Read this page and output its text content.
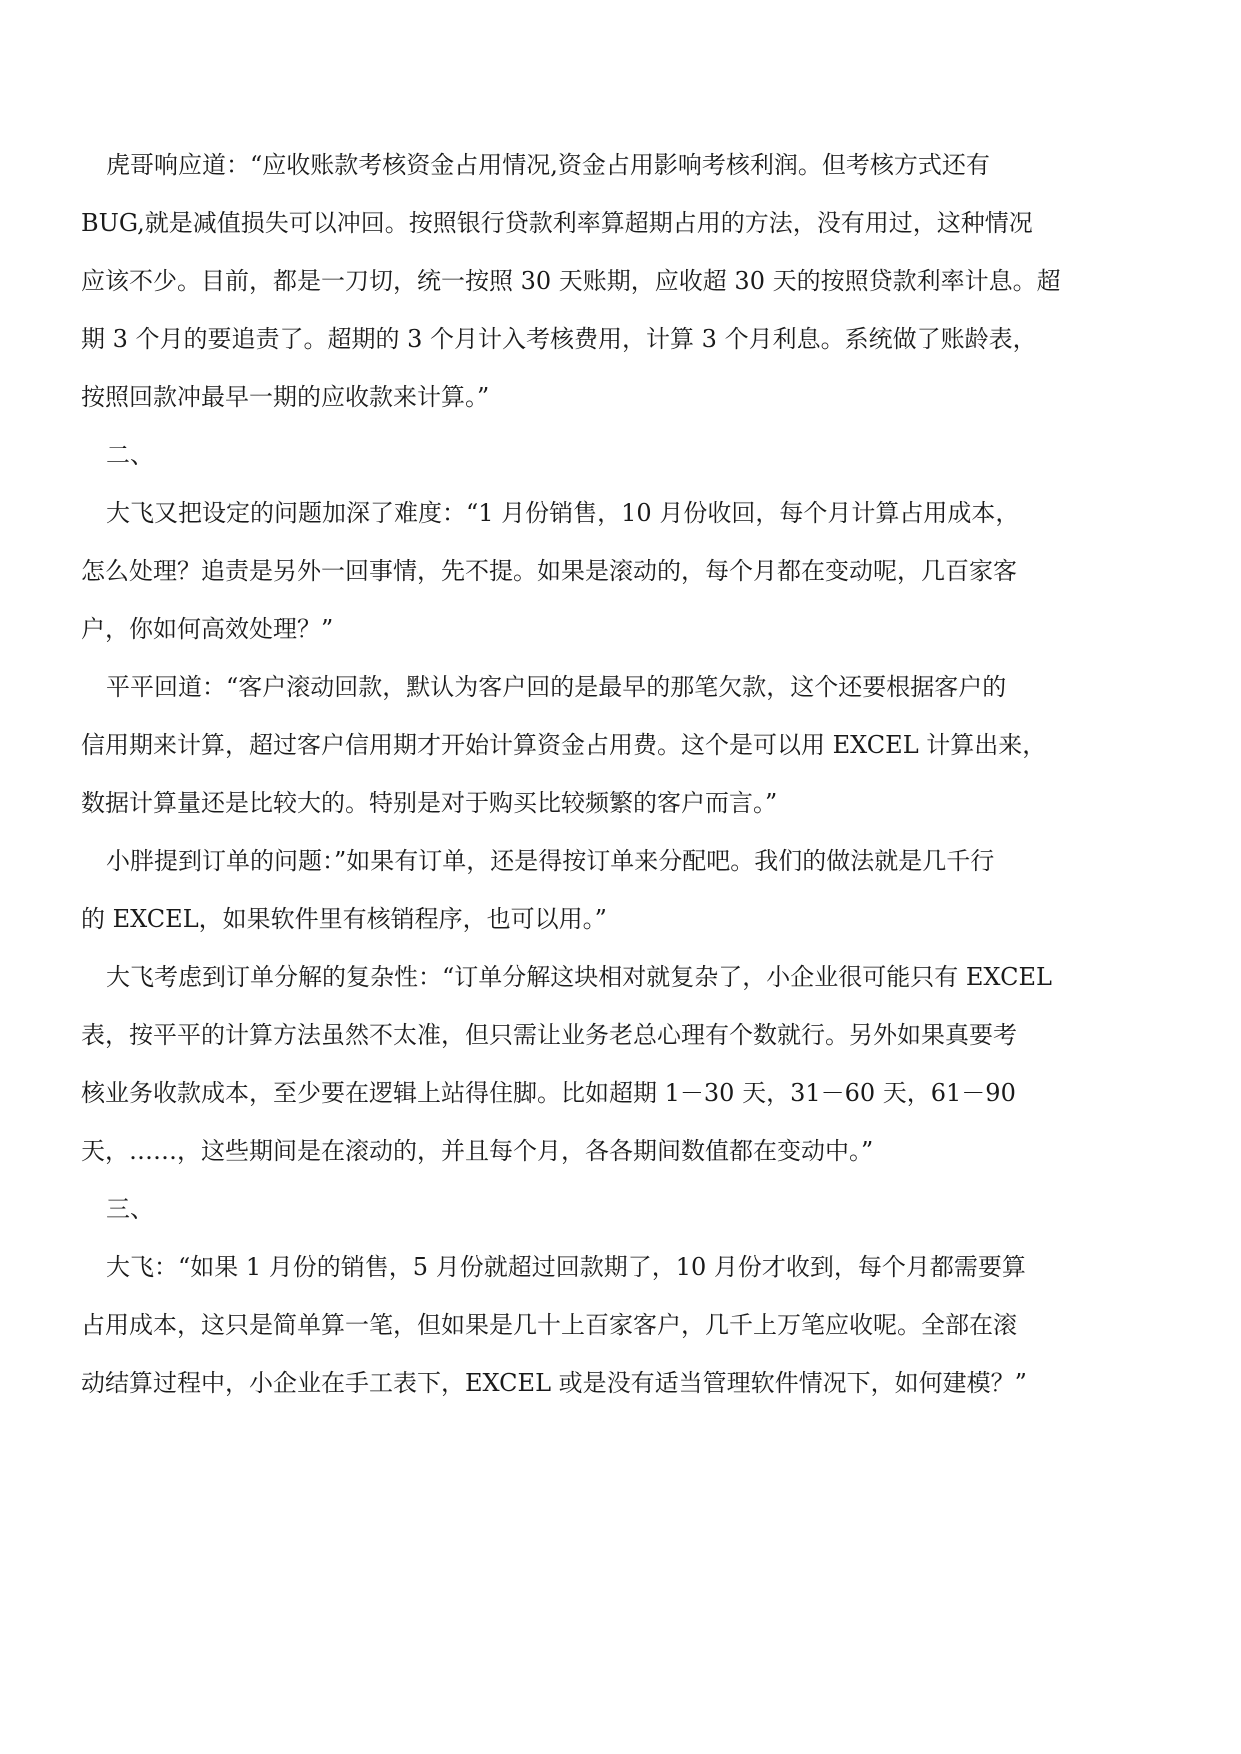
虎哥响应道：“应收账款考核资金占用情况,资金占用影响考核利润。但考核方式还有
BUG,就是减值损失可以冲回。按照银行贷款利率算超期占用的方法，没有用过，这种情况
应该不少。目前，都是一刀切，统一按照 30 天账期，应收超 30 天的按照贷款利率计息。超
期 3 个月的要追责了。超期的 3 个月计入考核费用，计算 3 个月利息。系统做了账龄表，
按照回款冲最早一期的应收款来计算。”
二、
大飞又把设定的问题加深了难度：“1 月份销售，10 月份收回，每个月计算占用成本，
怎么处理？追责是另外一回事情，先不提。如果是滚动的，每个月都在变动呢，几百家客
户，你如何高效处理？”
平平回道：“客户滚动回款，默认为客户回的是最早的那笔欠款，这个还要根据客户的
信用期来计算，超过客户信用期才开始计算资金占用费。这个是可以用 EXCEL 计算出来，
数据计算量还是比较大的。特别是对于购买比较频繁的客户而言。”
小胖提到订单的问题：”如果有订单，还是得按订单来分配吧。我们的做法就是几千行
的 EXCEL，如果软件里有核销程序，也可以用。”
大飞考虑到订单分解的复杂性：“订单分解这块相对就复杂了，小企业很可能只有 EXCEL
表，按平平的计算方法虽然不太准，但只需让业务老总心理有个数就行。另外如果真要考
核业务收款成本，至少要在逻辑上站得住脚。比如超期 1－30 天，31－60 天，61－90
天，……，这些期间是在滚动的，并且每个月，各各期间数值都在变动中。”
三、
大飞：“如果 1 月份的销售，5 月份就超过回款期了，10 月份才收到，每个月都需要算
占用成本，这只是简单算一笔，但如果是几十上百家客户，几千上万笔应收呢。全部在滚
动结算过程中，小企业在手工表下，EXCEL 或是没有适当管理软件情况下，如何建模？”
